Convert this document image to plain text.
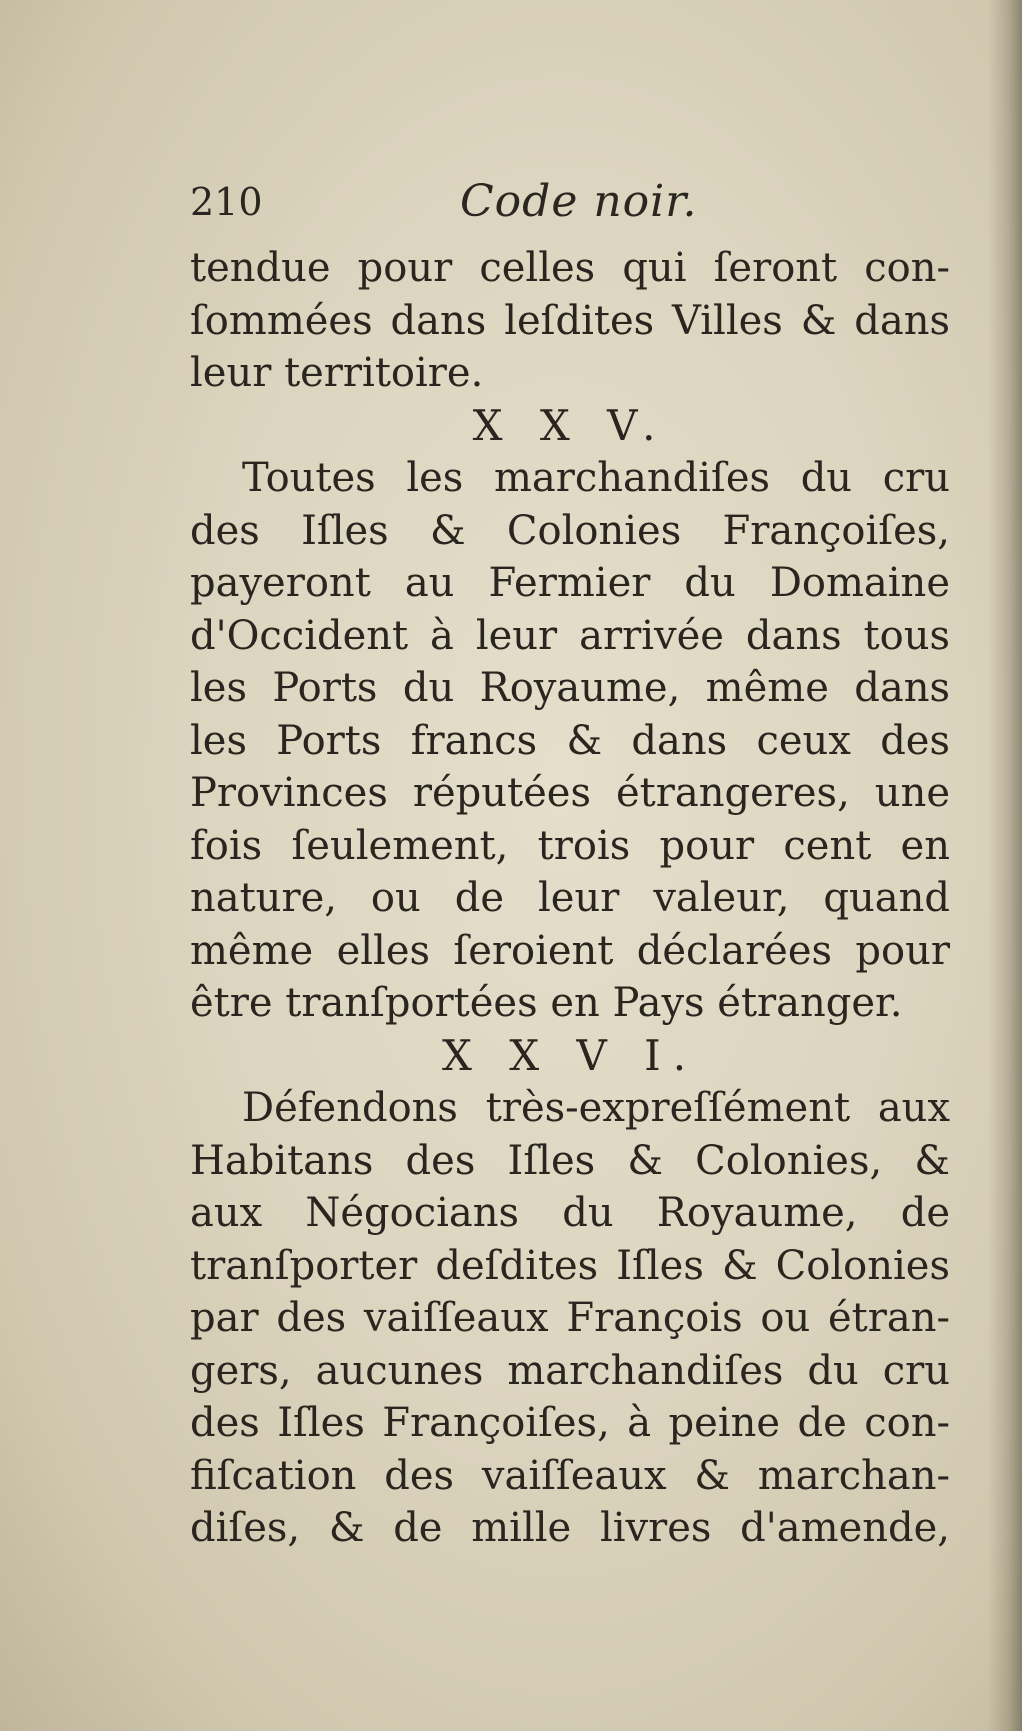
210	Code noir.
tendue pour celles qui ſeront con-
ſommées dans leſdites Villes & dans
leur territoire.
X X V.
Toutes les marchandiſes du cru
des Iſles & Colonies Françoiſes,
payeront au Fermier du Domaine
d'Occident à leur arrivée dans tous
les Ports du Royaume, même dans
les Ports francs & dans ceux des
Provinces réputées étrangeres, une
fois ſeulement, trois pour cent en
nature, ou de leur valeur, quand
même elles ſeroient déclarées pour
être tranſportées en Pays étranger.
X X V I.
Défendons très-expreſſément aux
Habitans des Iſles & Colonies, &
aux Négocians du Royaume, de
tranſporter deſdites Iſles & Colonies
par des vaiſſeaux François ou étran-
gers, aucunes marchandiſes du cru
des Iſles Françoiſes, à peine de con-
fiſcation des vaiſſeaux & marchan-
diſes, & de mille livres d'amende,
